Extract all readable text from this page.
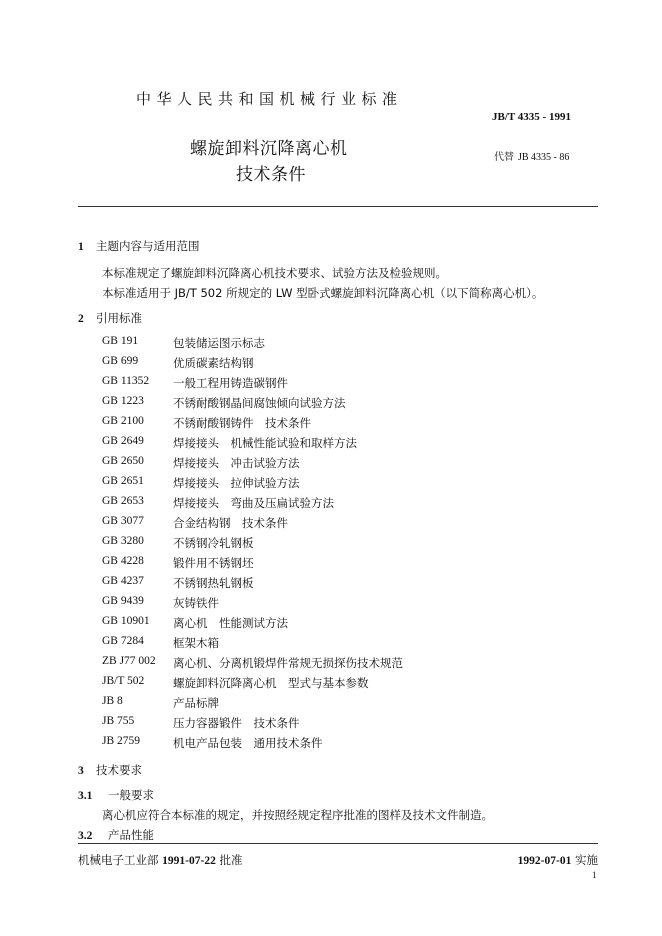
中华人民共和国机械行业标准
JB/T 4335 - 1991
螺旋卸料沉降离心机
技术条件
代替 JB 4335 - 86
1 主题内容与适用范围
本标准规定了螺旋卸料沉降离心机技术要求、试验方法及检验规则。
本标准适用于 JB/T 502 所规定的 LW 型卧式螺旋卸料沉降离心机（以下简称离心机）。
2 引用标准
GB 191	包装储运图示标志
GB 699	优质碳素结构钢
GB 11352 一般工程用铸造碳钢件
GB 1223	不锈耐酸钢晶间腐蚀倾向试验方法
GB 2100	不锈耐酸钢铸件　技术条件
GB 2649	焊接接头　机械性能试验和取样方法
GB 2650	焊接接头　冲击试验方法
GB 2651	焊接接头　拉伸试验方法
GB 2653	焊接接头　弯曲及压扁试验方法
GB 3077	合金结构钢　技术条件
GB 3280	不锈钢冷轧钢板
GB 4228	锻件用不锈钢坯
GB 4237	不锈钢热轧钢板
GB 9439	灰铸铁件
GB 10901 离心机　性能测试方法
GB 7284	框架木箱
ZB J77 002 离心机、分离机锻焊件常规无损探伤技术规范
JB/T 502 螺旋卸料沉降离心机　型式与基本参数
JB 8	产品标牌
JB 755	压力容器锻件　技术条件
JB 2759	机电产品包装　通用技术条件
3 技术要求
3.1 一般要求
离心机应符合本标准的规定，并按照经规定程序批准的图样及技术文件制造。
3.2 产品性能
机械电子工业部 1991-07-22 批准	1992-07-01 实施
1
